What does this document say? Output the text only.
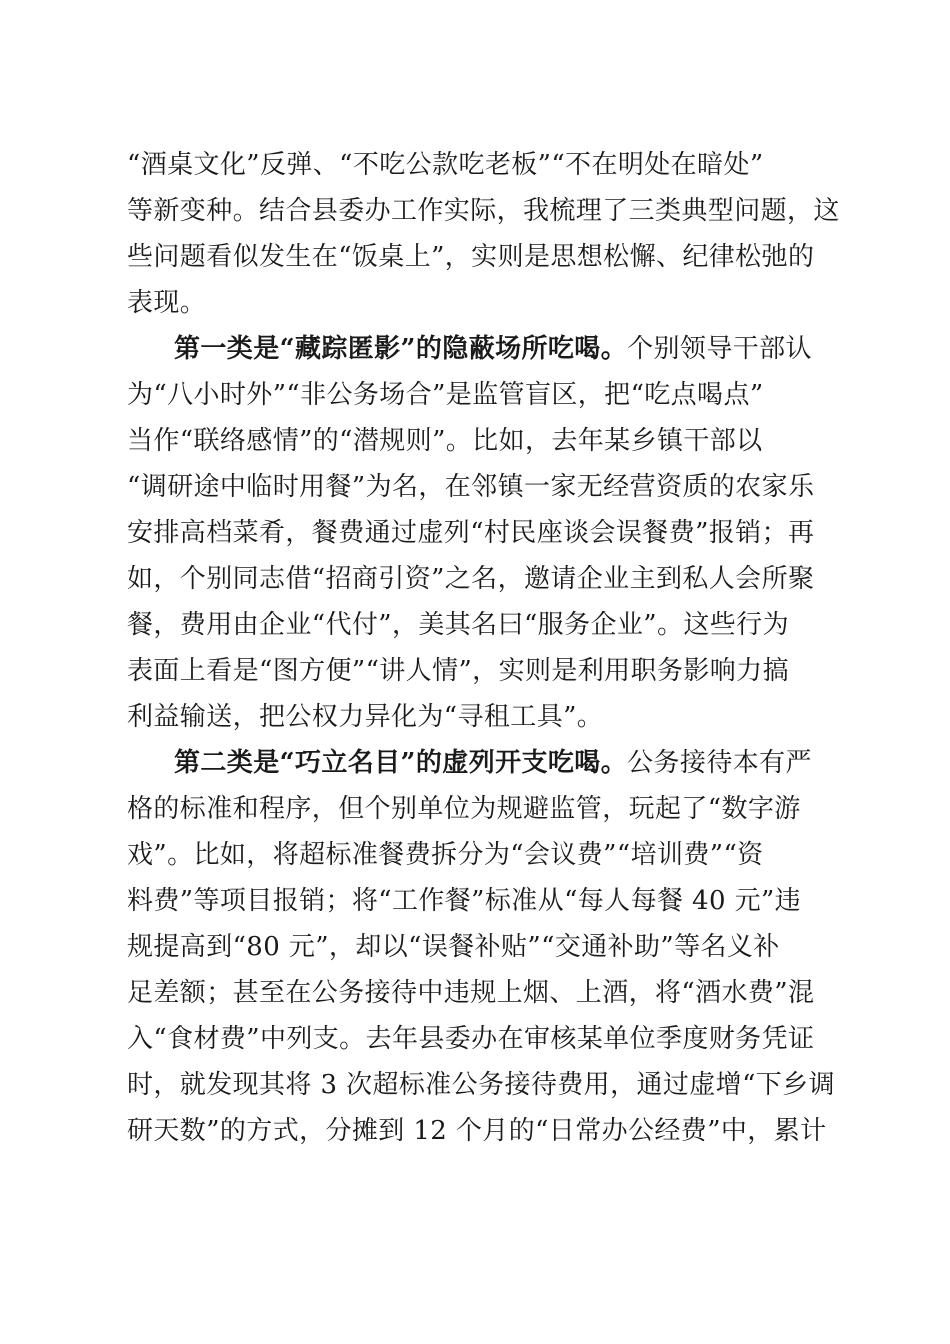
“酒桌文化”反弹、“不吃公款吃老板”“不在明处在暗处”
等新变种。结合县委办工作实际，我梳理了三类典型问题，这
些问题看似发生在“饭桌上”，实则是思想松懈、纪律松弛的
表现。
第一类是“藏踪匿影”的隐蔽场所吃喝。个别领导干部认
为“八小时外”“非公务场合”是监管盲区，把“吃点喝点”
当作“联络感情”的“潜规则”。比如，去年某乡镇干部以
“调研途中临时用餐”为名，在邻镇一家无经营资质的农家乐
安排高档菜肴，餐费通过虚列“村民座谈会误餐费”报销；再
如，个别同志借“招商引资”之名，邀请企业主到私人会所聚
餐，费用由企业“代付”，美其名曰“服务企业”。这些行为
表面上看是“图方便”“讲人情”，实则是利用职务影响力搞
利益输送，把公权力异化为“寻租工具”。
第二类是“巧立名目”的虚列开支吃喝。公务接待本有严
格的标准和程序，但个别单位为规避监管，玩起了“数字游
戏”。比如，将超标准餐费拆分为“会议费”“培训费”“资
料费”等项目报销；将“工作餐”标准从“每人每餐 40 元”违
规提高到“80 元”，却以“误餐补贴”“交通补助”等名义补
足差额；甚至在公务接待中违规上烟、上酒，将“酒水费”混
入“食材费”中列支。去年县委办在审核某单位季度财务凭证
时，就发现其将 3 次超标准公务接待费用，通过虚增“下乡调
研天数”的方式，分摊到 12 个月的“日常办公经费”中，累计
